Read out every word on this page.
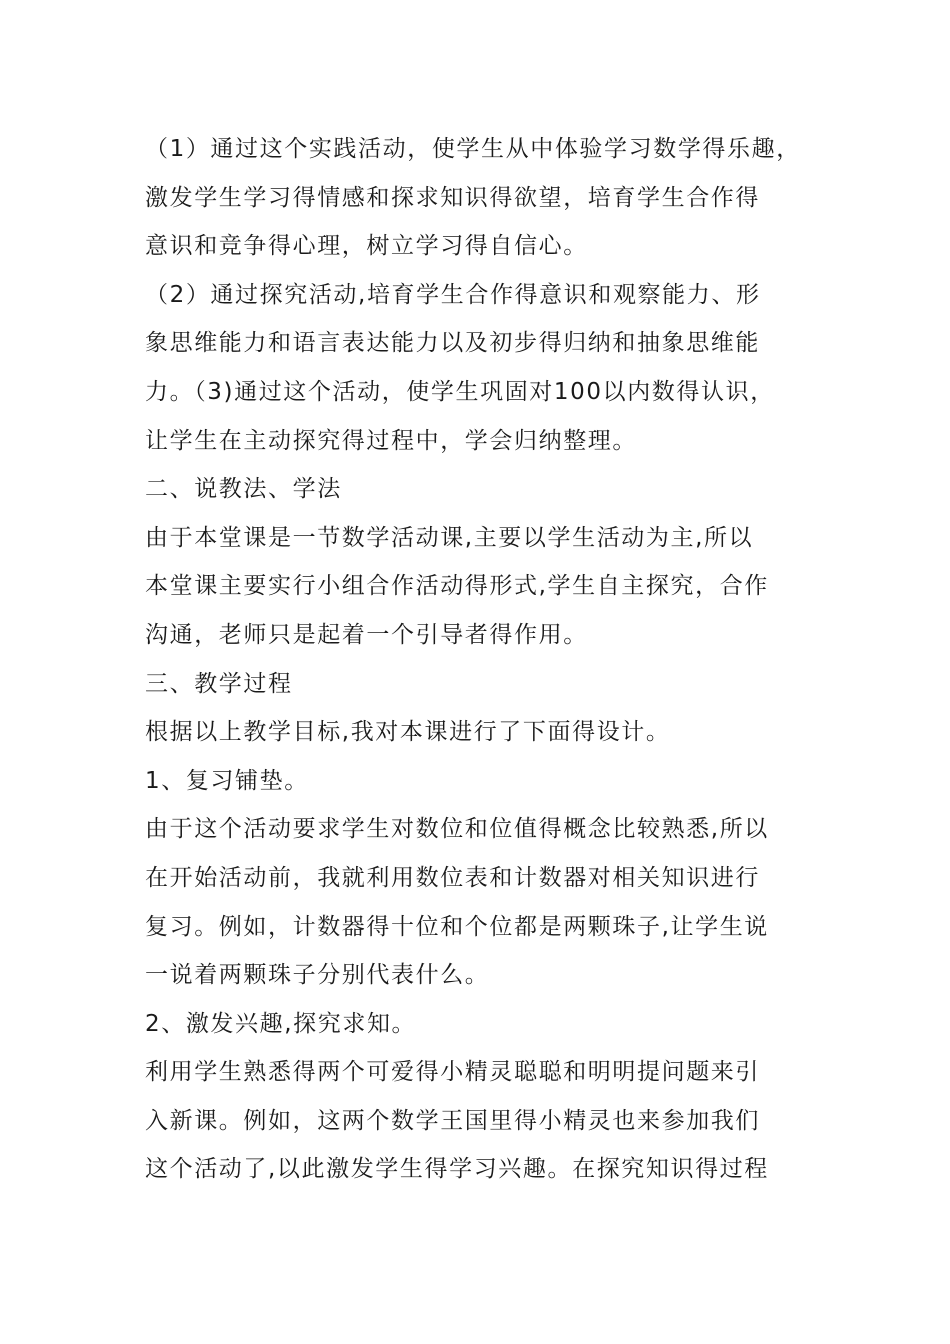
（1）通过这个实践活动，使学生从中体验学习数学得乐趣，
激发学生学习得情感和探求知识得欲望，培育学生合作得
意识和竞争得心理，树立学习得自信心。
（2）通过探究活动,培育学生合作得意识和观察能力、形
象思维能力和语言表达能力以及初步得归纳和抽象思维能
力。（3)通过这个活动，使学生巩固对100以内数得认识，
让学生在主动探究得过程中，学会归纳整理。
二、说教法、学法
由于本堂课是一节数学活动课,主要以学生活动为主,所以
本堂课主要实行小组合作活动得形式,学生自主探究，合作
沟通，老师只是起着一个引导者得作用。
三、教学过程
根据以上教学目标,我对本课进行了下面得设计。
1、复习铺垫。
由于这个活动要求学生对数位和位值得概念比较熟悉,所以
在开始活动前，我就利用数位表和计数器对相关知识进行
复习。例如，计数器得十位和个位都是两颗珠子,让学生说
一说着两颗珠子分别代表什么。
2、激发兴趣,探究求知。
利用学生熟悉得两个可爱得小精灵聪聪和明明提问题来引
入新课。例如，这两个数学王国里得小精灵也来参加我们
这个活动了,以此激发学生得学习兴趣。在探究知识得过程
